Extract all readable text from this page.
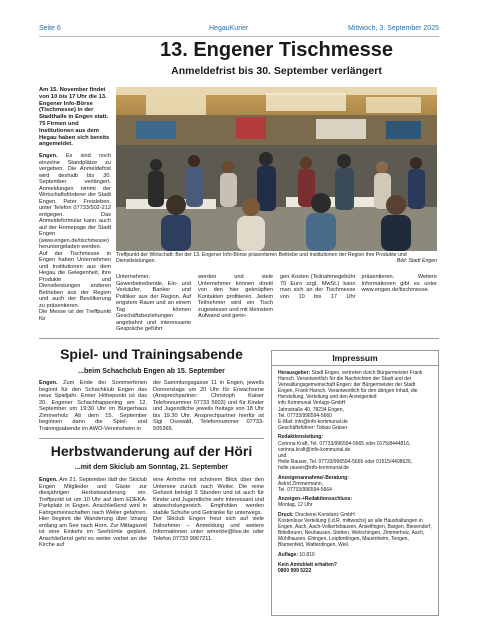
Seite 6	HegauKurier	Mittwoch, 3. September 2025
13. Engener Tischmesse
Anmeldefrist bis 30. September verlängert

Am 15. November findet von 10 bis 17 Uhr die 13. Engener Info-Börse (Tischmesse) in der Stadthalle in Engen statt. 75 Firmen und Institutionen aus dem Hegau haben sich bereits angemeldet.

Engen. Es sind noch einzelne Standplätze zu vergeben. Die Anmeldefrist wird deshalb bis 30. September verlängert. Anmeldungen nimmt der Wirtschaftsförderer der Stadt Engen, Peter Freisleben, unter Telefon 07733/502-212 entgegen. Das Anmeldeformular kann auch auf der Homepage der Stadt Engen (www.engen.de/tischmesse) heruntergeladen werden.

Auf der Tischmesse in Engen haben Unternehmen und Institutionen aus dem Hegau die Gelegenheit, ihre Produkte und Dienstleistungen anderen Betrieben aus der Region und auch der Bevölkerung zu präsentieren.

Die Messe ist der Treffpunkt für

Treffpunkt der Wirtschaft: Bei der 13. Engener Info-Börse präsentieren Betriebe und Institutionen der Region ihre Produkte und Dienstleistungen.	Bild: Stadt Engen

Unternehmer, Gewerbetreibende, Ein- und Verkäufer, Banker und Politiker aus der Region. Auf engstem Raum und an einem Tag können Geschäftsbeziehungen angebahnt und interessante Gespräche geführt

werden und viele Unternehmer können direkt von den hier geknüpften Kontakten profitieren. Jedem Teilnehmer wird ein Tisch zugewiesen und mit kleinstem Aufwand und gerin-

gen Kosten (Teilnahmegebühr 70 Euro zzgl. MwSt.) kann man sich an der Tischmesse von 10 bis 17 Uhr präsentieren. Weitere Informationen gibt es unter www.engen.de/tischmesse.

Spiel- und Trainingsabende
...beim Schachclub Engen ab 15. September

Engen. Zum Ende der Sommerferien beginnt für den Schachklub Engen das neue Spieljahr. Erster Höhepunkt ist das 20. Engener Schachhappening am 12. September um 19:30 Uhr im Bürgerhaus Zimmerholz Ab dem 15. September beginnen dann die Spiel- und Trainingsabende im AWO-Vereinsheim in

der Sammlungsgasse 11 in Engen, jeweils Donnerstags um 20 Uhr für Erwachsene (Ansprechpartner: Christoph Kaiser Telefonnummer 07733 5603) und für Kinder und Jugendliche jeweils freitags von 18 Uhr bis 19.30 Uhr. Ansprechpartner hierfür ist Sigi Osswald, Telefonnummer 07733-505365.

Herbstwanderung auf der Höri
...mit dem Skiclub am Sonntag, 21. September

Engen. Am 21. September lädt der Skiclub Engen Mitglieder und Gäste zur diesjährigen Herbstwanderung ein. Treffpunkt ist um 10 Uhr auf dem EDEKA-Parkplatz in Engen. Anschließend wird in Fahrgemeinschaften nach Weiler gefahren. Hier beginnt die Wanderung über Iznang entlang am See nach Horn. Zur Mittagszeit ist eine Einkehr im Seehörnle geplant. Anschließend geht es weiter vorbei an der Kirche auf

eine Anhöhe mit schönem Blick über den Untersee zurück nach Weiler. Die reine Gehzeit beträgt 3 Stunden und ist auch für Kinder und Jugendliche sehr interessant und abwechslungsreich. Empfohlen werden stabile Schuhe und Getränke für unterwegs.

Der Skiclub Engen freut sich auf viele Teilnehmer – Anmeldung und weitere Informationen unter wmerkle@live.de oder Telefon 07733 9967211.

Impressum

Herausgeber: Stadt Engen, vertreten durch Bürgermeister Frank Harsch. Verantwortlich für die Nachrichten der Stadt und der Verwaltungsgemeinschaft Engen: der Bürgermeister der Stadt Engen, Frank Harsch. Verantwortlich für den übrigen Inhalt, die Herstellung, Verteilung und den Anzeigenteil:
info Kommunal Verlags-GmbH
Jahnstraße 40, 78234 Engen,
Tel. 07733/996594-5660
E-Mail: info@info-kommunal.de
Geschäftsführer: Tobias Gräser

Redaktionsleitung:
Corinna Kraft, Tel. 07733/996594-5665 oder 0175/8444816,
corinna.kraft@info-kommunal.de
und
Holle Rauser, Tel. 07733/996594-5665 oder 01515/4408626,
holle.rauser@info-kommunal.de

Anzeigenannahme/-Beratung:
Astrid Zimmermann,
Tel. 07733/996594-5664

Anzeigen-+Redaktionsschluss:
Montag, 12 Uhr

Druck: Druckerei Konstanz GmbH
Kostenlose Verteilung (i.d.R. mittwochs) an alle Haushaltungen in Engen, Aach, Aach-Volkertshausen, Anselfingen, Bargen, Biesendorf, Bittelbrunn, Neuhausen, Stetten, Welschingen, Zimmerholz, Aach, Mühlhausen, Ehingen, Leipferdingen, Mauenheim, Tengen, Blumenfeld, Watterdingen, Weil.

Auflage: 10.810

Kein Amtsblatt erhalten?
0800 999 5222
